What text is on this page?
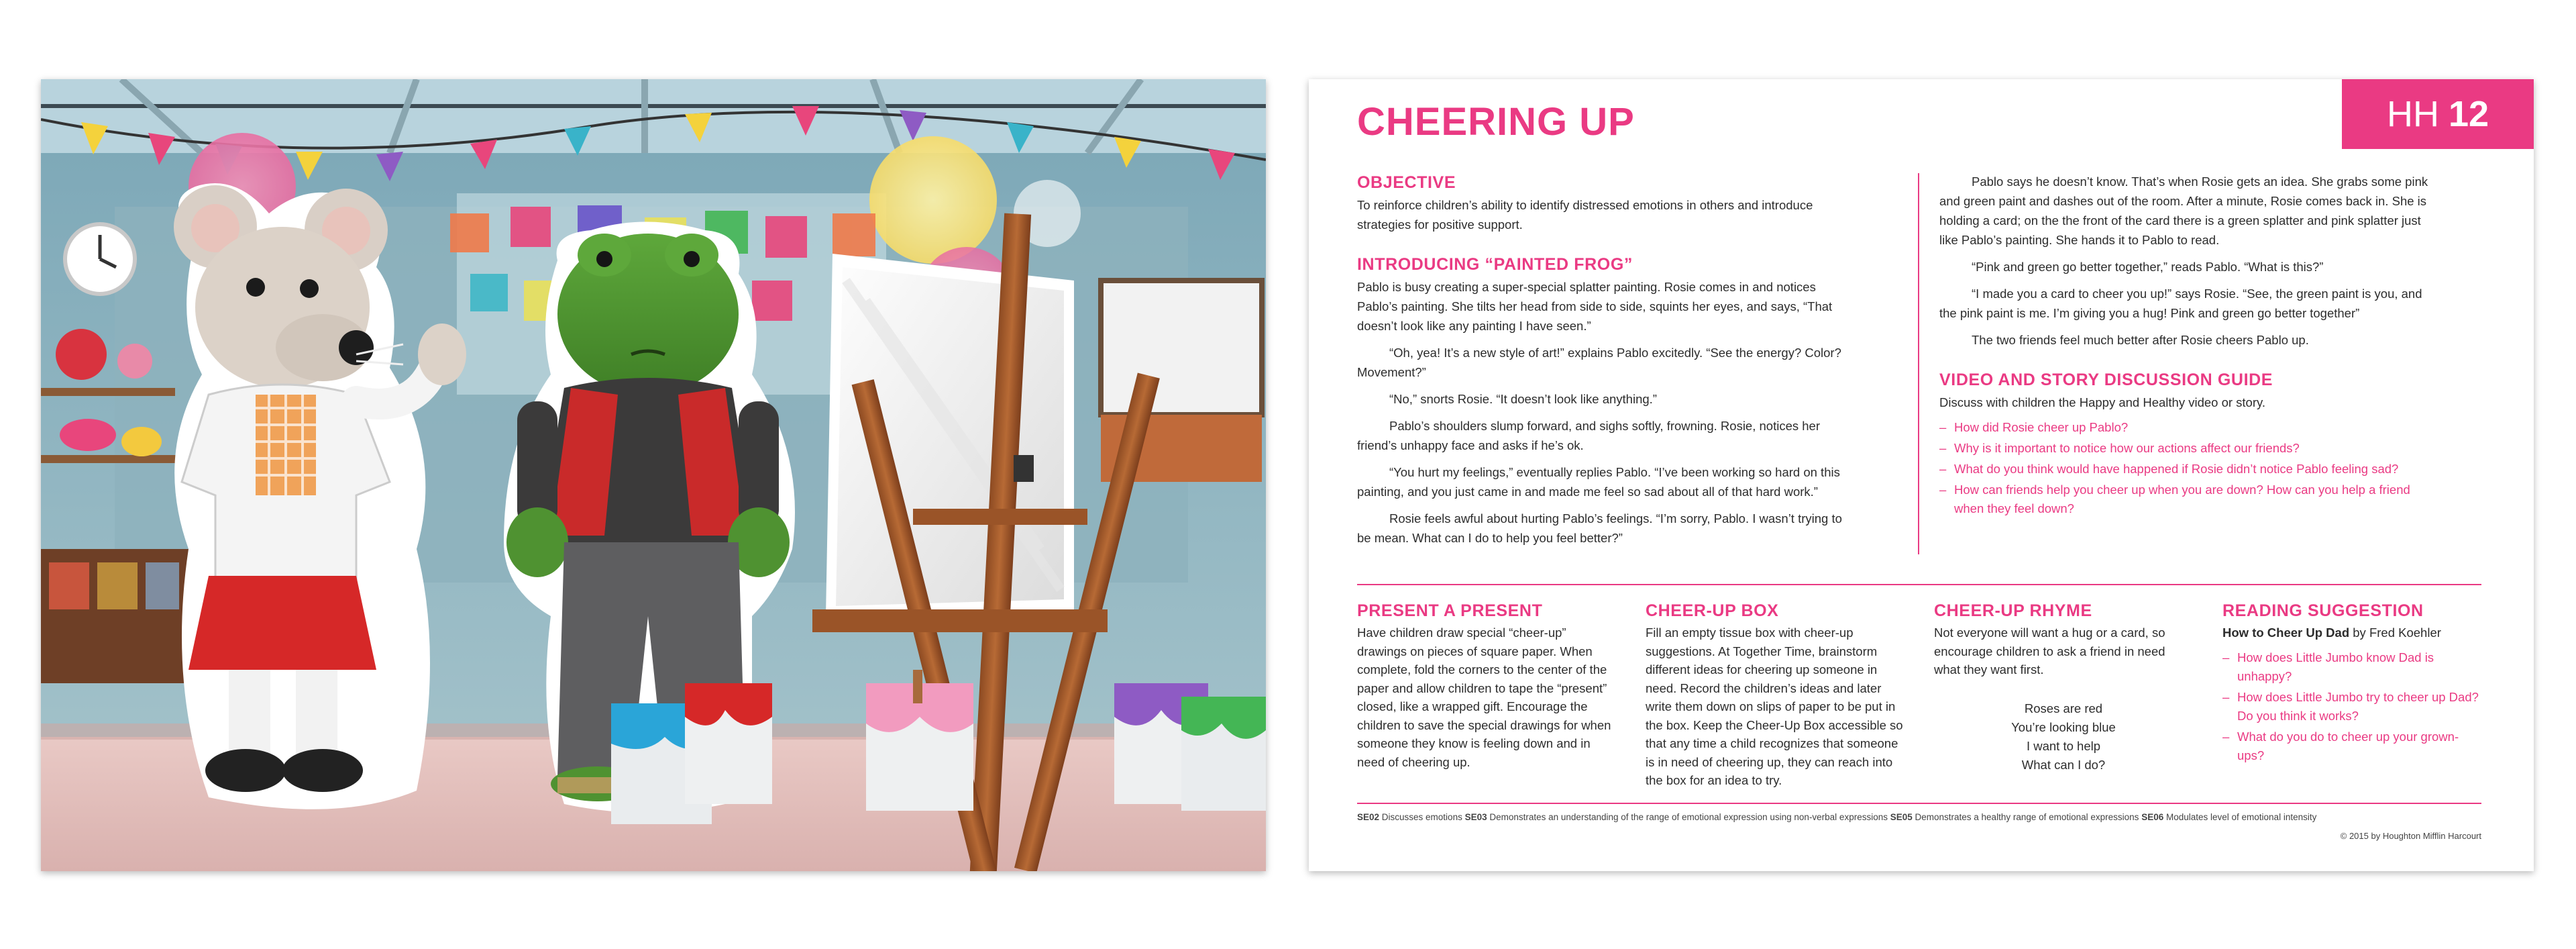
CHEERING UP	HH 12
OBJECTIVE
To reinforce children’s ability to identify distressed emotions in others and introduce strategies for positive support.
INTRODUCING “PAINTED FROG”
Pablo is busy creating a super-special splatter painting. Rosie comes in and notices Pablo’s painting. She tilts her head from side to side, squints her eyes, and says, “That doesn’t look like any painting I have seen.”
“Oh, yea! It’s a new style of art!” explains Pablo excitedly. “See the energy? Color? Movement?”
“No,” snorts Rosie. “It doesn’t look like anything.”
Pablo’s shoulders slump forward, and sighs softly, frowning. Rosie, notices her friend’s unhappy face and asks if he’s ok.
“You hurt my feelings,” eventually replies Pablo. “I’ve been working so hard on this painting, and you just came in and made me feel so sad about all of that hard work.”
Rosie feels awful about hurting Pablo’s feelings. “I’m sorry, Pablo. I wasn’t trying to be mean. What can I do to help you feel better?”
Pablo says he doesn’t know. That’s when Rosie gets an idea. She grabs some pink and green paint and dashes out of the room. After a minute, Rosie comes back in. She is holding a card; on the the front of the card there is a green splatter and pink splatter just like Pablo’s painting. She hands it to Pablo to read.
“Pink and green go better together,” reads Pablo. “What is this?”
“I made you a card to cheer you up!” says Rosie. “See, the green paint is you, and the pink paint is me. I’m giving you a hug! Pink and green go better together”
The two friends feel much better after Rosie cheers Pablo up.
VIDEO AND STORY DISCUSSION GUIDE
Discuss with children the Happy and Healthy video or story.
– How did Rosie cheer up Pablo?
– Why is it important to notice how our actions affect our friends?
– What do you think would have happened if Rosie didn’t notice Pablo feeling sad?
– How can friends help you cheer up when you are down? How can you help a friend when they feel down?
PRESENT A PRESENT
Have children draw special “cheer-up” drawings on pieces of square paper. When complete, fold the corners to the center of the paper and allow children to tape the “present” closed, like a wrapped gift. Encourage the children to save the special drawings for when someone they know is feeling down and in need of cheering up.
CHEER-UP BOX
Fill an empty tissue box with cheer-up suggestions. At Together Time, brainstorm different ideas for cheering up someone in need. Record the children’s ideas and later write them down on slips of paper to be put in the box. Keep the Cheer-Up Box accessible so that any time a child recognizes that someone is in need of cheering up, they can reach into the box for an idea to try.
CHEER-UP RHYME
Not everyone will want a hug or a card, so encourage children to ask a friend in need what they want first.
Roses are red
You’re looking blue
I want to help
What can I do?
READING SUGGESTION
How to Cheer Up Dad by Fred Koehler
– How does Little Jumbo know Dad is unhappy?
– How does Little Jumbo try to cheer up Dad? Do you think it works?
– What do you do to cheer up your grown-ups?
SE02 Discusses emotions SE03 Demonstrates an understanding of the range of emotional expression using non-verbal expressions SE05 Demonstrates a healthy range of emotional expressions SE06 Modulates level of emotional intensity
© 2015 by Houghton Mifflin Harcourt
